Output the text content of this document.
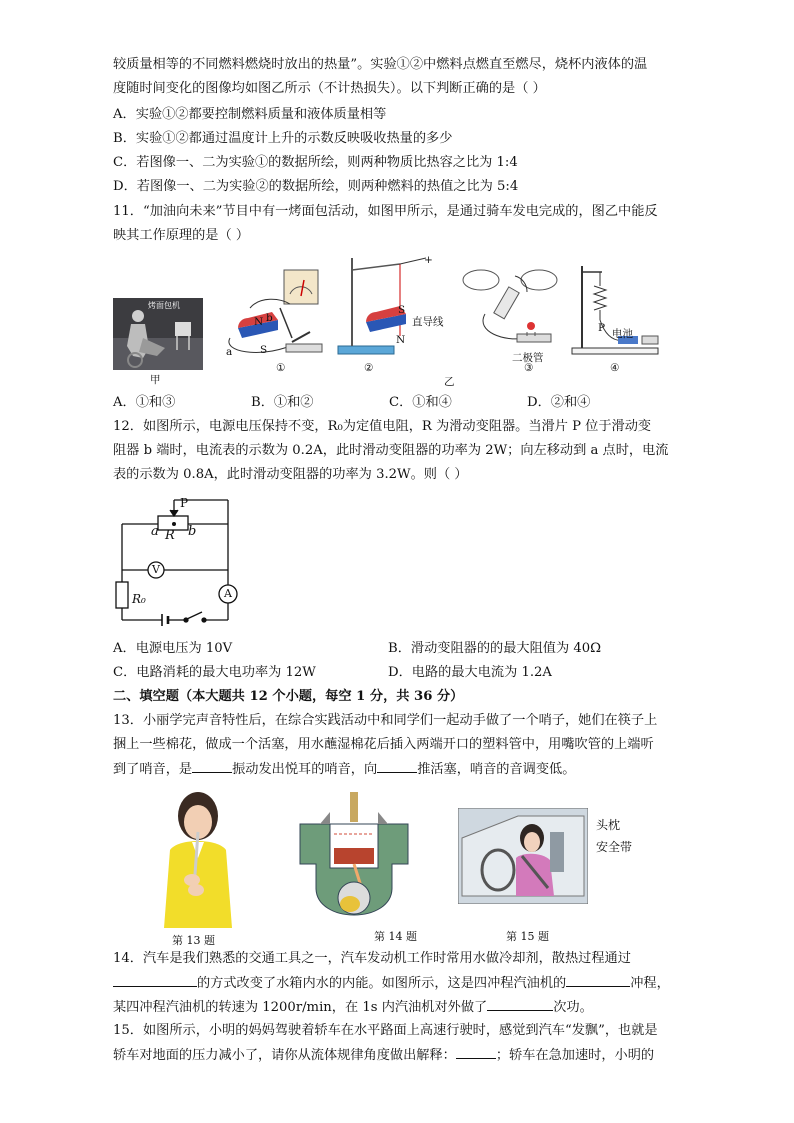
较质量相等的不同燃料燃烧时放出的热量”。实验①②中燃料点燃直至燃尽，烧杯内液体的温
度随时间变化的图像均如图乙所示（不计热损失）。以下判断正确的是（ ）
A．实验①②都要控制燃料质量和液体质量相等
B．实验①②都通过温度计上升的示数反映吸收热量的多少
C．若图像一、二为实验①的数据所绘，则两种物质比热容之比为 1:4
D．若图像一、二为实验②的数据所绘，则两种燃料的热值之比为 5:4
11．“加油向未来”节目中有一烤面包活动，如图甲所示，是通过骑车发电完成的，图乙中能反
映其工作原理的是（ ）
烤面包机
甲
N b
S
a
①
+
S
N
直导线
②
二极管
③
P 电池
④
乙
A．①和③	B．①和②	C．①和④	D．②和④
12．如图所示，电源电压保持不变，R₀为定值电阻，R 为滑动变阻器。当滑片 P 位于滑动变
阻器 b 端时，电流表的示数为 0.2A，此时滑动变阻器的功率为 2W；向左移动到 a 点时，电流
表的示数为 0.8A，此时滑动变阻器的功率为 3.2W。则（ ）
P
a R b
V
A
R₀
A．电源电压为 10V	B．滑动变阻器的的最大阻值为 40Ω
C．电路消耗的最大电功率为 12W	D．电路的最大电流为 1.2A
二、填空题（本大题共 12 个小题，每空 1 分，共 36 分）
13．小丽学完声音特性后，在综合实践活动中和同学们一起动手做了一个哨子，她们在筷子上
捆上一些棉花，做成一个活塞，用水蘸湿棉花后插入两端开口的塑料管中，用嘴吹管的上端听
到了哨音，是	振动发出悦耳的哨音，向	推活塞，哨音的音调变低。
第 13 题	第 14 题
头枕
安全带
第 15 题
14．汽车是我们熟悉的交通工具之一，汽车发动机工作时常用水做冷却剂，散热过程通过
的方式改变了水箱内水的内能。如图所示，这是四冲程汽油机的	冲程，
某四冲程汽油机的转速为 1200r/min，在 1s 内汽油机对外做了	次功。
15．如图所示，小明的妈妈驾驶着轿车在水平路面上高速行驶时，感觉到汽车“发飘”，也就是
轿车对地面的压力减小了，请你从流体规律角度做出解释：	；轿车在急加速时，小明的
